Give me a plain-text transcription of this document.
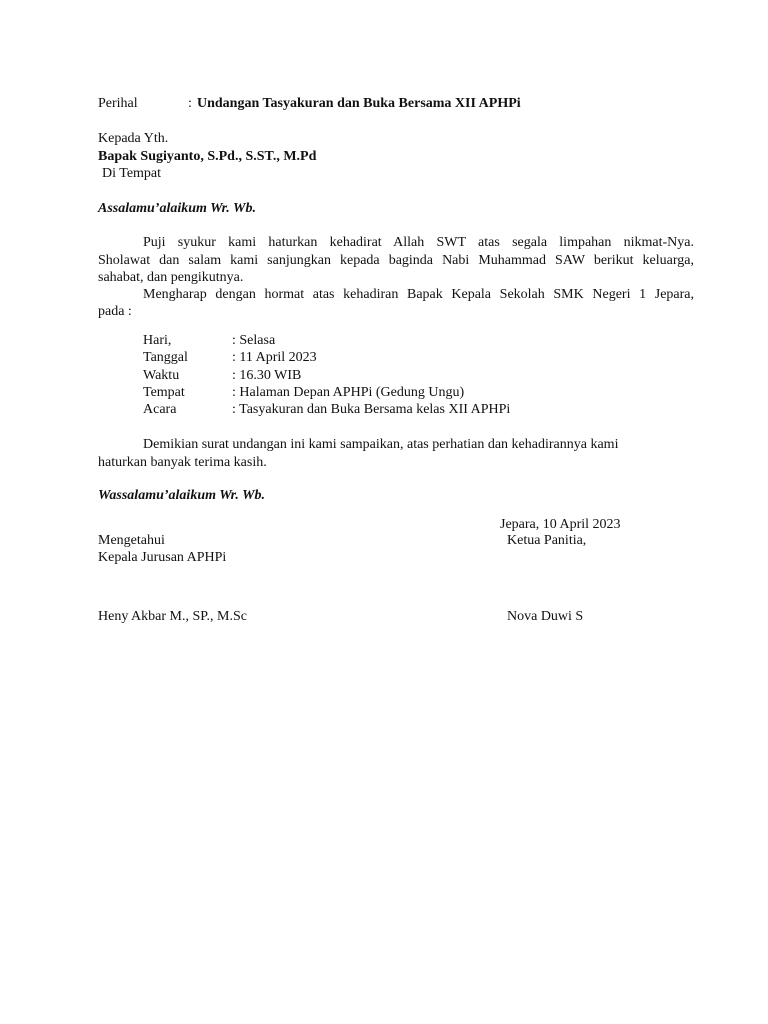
Perihal	: Undangan Tasyakuran dan Buka Bersama XII APHPi
Kepada Yth.
Bapak Sugiyanto, S.Pd., S.ST., M.Pd
Di Tempat
Assalamu’alaikum Wr. Wb.
Puji syukur kami haturkan kehadirat Allah SWT atas segala limpahan nikmat-Nya.
Sholawat dan salam kami sanjungkan kepada baginda Nabi Muhammad SAW berikut keluarga,
sahabat, dan pengikutnya.
Mengharap dengan hormat atas kehadiran Bapak Kepala Sekolah SMK Negeri 1 Jepara,
pada :
Hari,	: Selasa
Tanggal	: 11 April 2023
Waktu	: 16.30 WIB
Tempat	: Halaman Depan APHPi (Gedung Ungu)
Acara	: Tasyakuran dan Buka Bersama kelas XII APHPi
Demikian surat undangan ini kami sampaikan, atas perhatian dan kehadirannya kami
haturkan banyak terima kasih.
Wassalamu’alaikum Wr. Wb.
Jepara, 10 April 2023
Mengetahui	Ketua Panitia,
Kepala Jurusan APHPi
Heny Akbar M., SP., M.Sc	Nova Duwi S
